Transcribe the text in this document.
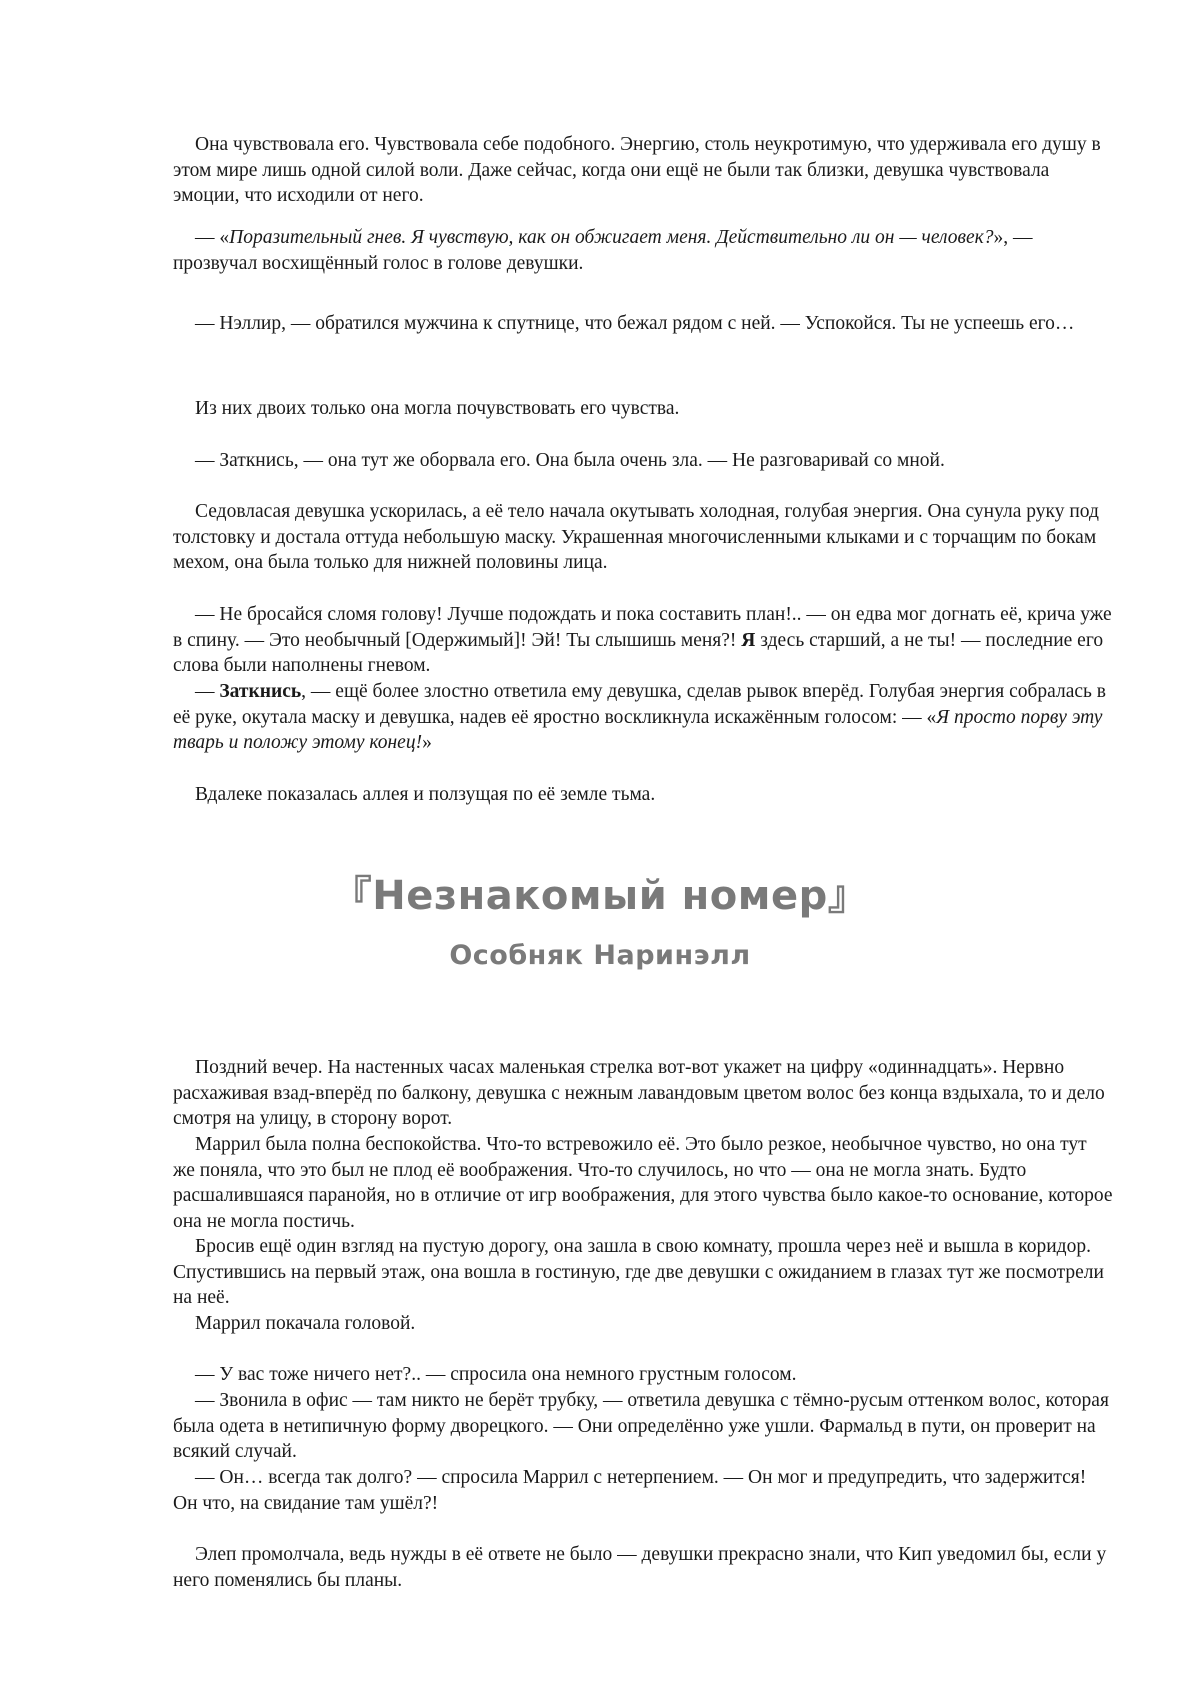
Она чувствовала его. Чувствовала себе подобного. Энергию, столь неукротимую, что удерживала его душу в этом мире лишь одной силой воли. Даже сейчас, когда они ещё не были так близки, девушка чувствовала эмоции, что исходили от него.

— «Поразительный гнев. Я чувствую, как он обжигает меня. Действительно ли он — человек?», — прозвучал восхищённый голос в голове девушки.

— Нэллир, — обратился мужчина к спутнице, что бежал рядом с ней. — Успокойся. Ты не успеешь его…

Из них двоих только она могла почувствовать его чувства.

— Заткнись, — она тут же оборвала его. Она была очень зла. — Не разговаривай со мной.

Седовласая девушка ускорилась, а её тело начала окутывать холодная, голубая энергия. Она сунула руку под толстовку и достала оттуда небольшую маску. Украшенная многочисленными клыками и с торчащим по бокам мехом, она была только для нижней половины лица.

— Не бросайся сломя голову! Лучше подождать и пока составить план!.. — он едва мог догнать её, крича уже в спину. — Это необычный [Одержимый]! Эй! Ты слышишь меня?! Я здесь старший, а не ты! — последние его слова были наполнены гневом.

— Заткнись, — ещё более злостно ответила ему девушка, сделав рывок вперёд. Голубая энергия собралась в её руке, окутала маску и девушка, надев её яростно воскликнула искажённым голосом: — «Я просто порву эту тварь и положу этому конец!»

Вдалеке показалась аллея и ползущая по её земле тьма.

『Незнакомый номер』
Особняк Наринэлл

Поздний вечер. На настенных часах маленькая стрелка вот-вот укажет на цифру «одиннадцать». Нервно расхаживая взад-вперёд по балкону, девушка с нежным лавандовым цветом волос без конца вздыхала, то и дело смотря на улицу, в сторону ворот.

Маррил была полна беспокойства. Что-то встревожило её. Это было резкое, необычное чувство, но она тут же поняла, что это был не плод её воображения. Что-то случилось, но что — она не могла знать. Будто расшалившаяся паранойя, но в отличие от игр воображения, для этого чувства было какое-то основание, которое она не могла постичь.

Бросив ещё один взгляд на пустую дорогу, она зашла в свою комнату, прошла через неё и вышла в коридор. Спустившись на первый этаж, она вошла в гостиную, где две девушки с ожиданием в глазах тут же посмотрели на неё.

Маррил покачала головой.

— У вас тоже ничего нет?.. — спросила она немного грустным голосом.

— Звонила в офис — там никто не берёт трубку, — ответила девушка с тёмно-русым оттенком волос, которая была одета в нетипичную форму дворецкого. — Они определённо уже ушли. Фармальд в пути, он проверит на всякий случай.

— Он… всегда так долго? — спросила Маррил с нетерпением. — Он мог и предупредить, что задержится! Он что, на свидание там ушёл?!

Элеп промолчала, ведь нужды в её ответе не было — девушки прекрасно знали, что Кип уведомил бы, если у него поменялись бы планы.
